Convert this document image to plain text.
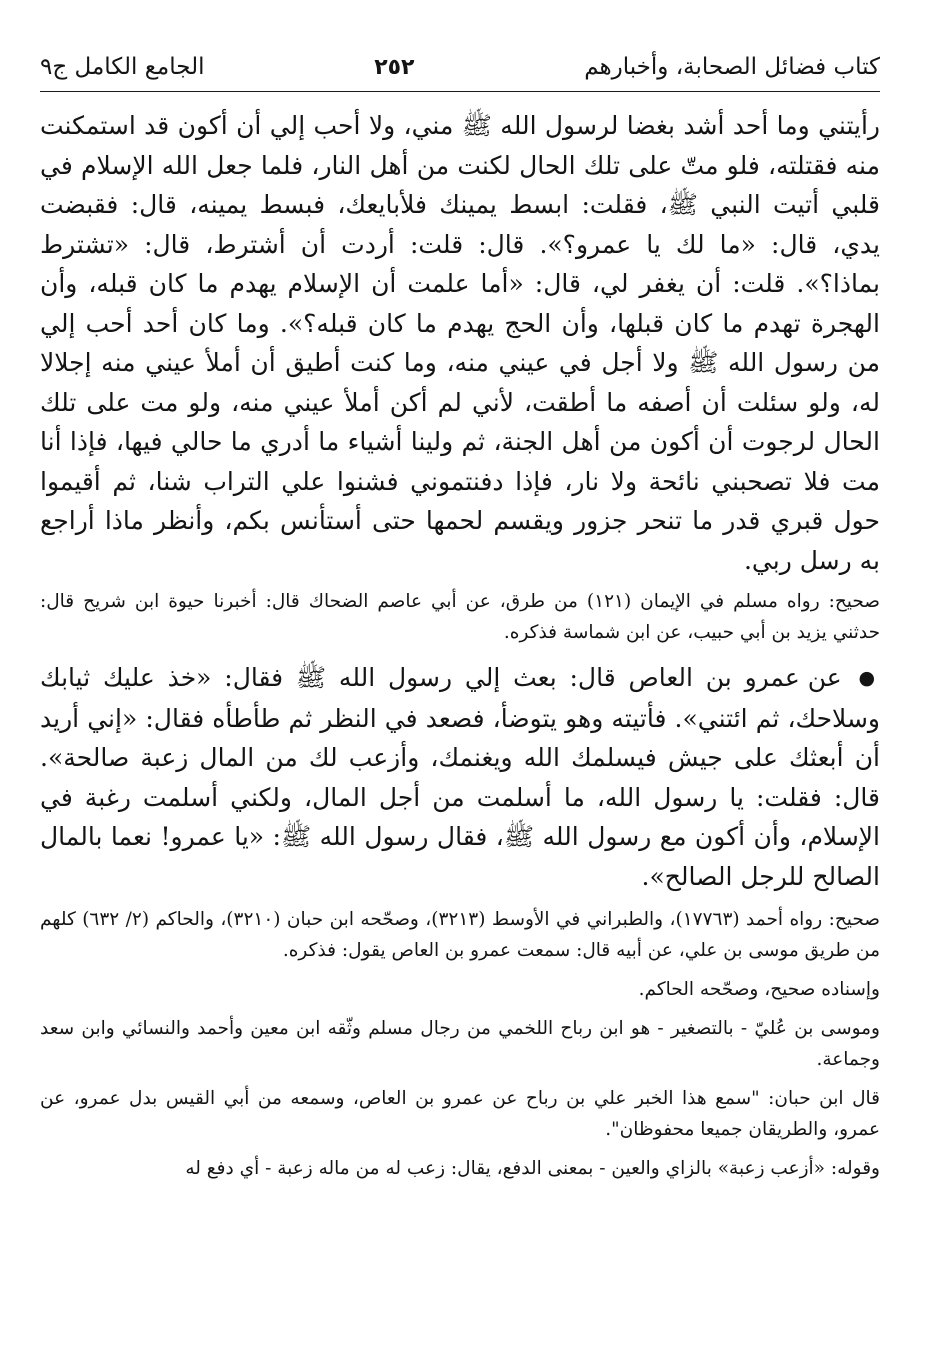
كتاب فضائل الصحابة، وأخبارهم
٢٥٢
الجامع الكامل ج٩

رأيتني وما أحد أشد بغضا لرسول الله ﷺ مني، ولا أحب إلي أن أكون قد استمكنت منه فقتلته، فلو متّ على تلك الحال لكنت من أهل النار، فلما جعل الله الإسلام في قلبي أتيت النبي ﷺ، فقلت: ابسط يمينك فلأبايعك، فبسط يمينه، قال: فقبضت يدي، قال: «ما لك يا عمرو؟». قال: قلت: أردت أن أشترط، قال: «تشترط بماذا؟». قلت: أن يغفر لي، قال: «أما علمت أن الإسلام يهدم ما كان قبله، وأن الهجرة تهدم ما كان قبلها، وأن الحج يهدم ما كان قبله؟». وما كان أحد أحب إلي من رسول الله ﷺ ولا أجل في عيني منه، وما كنت أطيق أن أملأ عيني منه إجلالا له، ولو سئلت أن أصفه ما أطقت، لأني لم أكن أملأ عيني منه، ولو مت على تلك الحال لرجوت أن أكون من أهل الجنة، ثم ولينا أشياء ما أدري ما حالي فيها، فإذا أنا مت فلا تصحبني نائحة ولا نار، فإذا دفنتموني فشنوا علي التراب شنا، ثم أقيموا حول قبري قدر ما تنحر جزور ويقسم لحمها حتى أستأنس بكم، وأنظر ماذا أراجع به رسل ربي.

صحيح: رواه مسلم في الإيمان (١٢١) من طرق، عن أبي عاصم الضحاك قال: أخبرنا حيوة ابن شريح قال: حدثني يزيد بن أبي حبيب، عن ابن شماسة فذكره.

● عن عمرو بن العاص قال: بعث إلي رسول الله ﷺ فقال: «خذ عليك ثيابك وسلاحك، ثم ائتني». فأتيته وهو يتوضأ، فصعد في النظر ثم طأطأه فقال: «إني أريد أن أبعثك على جيش فيسلمك الله ويغنمك، وأزعب لك من المال زعبة صالحة». قال: فقلت: يا رسول الله، ما أسلمت من أجل المال، ولكني أسلمت رغبة في الإسلام، وأن أكون مع رسول الله ﷺ، فقال رسول الله ﷺ: «يا عمرو! نعما بالمال الصالح للرجل الصالح».

صحيح: رواه أحمد (١٧٧٦٣)، والطبراني في الأوسط (٣٢١٣)، وصحّحه ابن حبان (٣٢١٠)، والحاكم (٢/ ٦٣٢) كلهم من طريق موسى بن علي، عن أبيه قال: سمعت عمرو بن العاص يقول: فذكره.

وإسناده صحيح، وصحّحه الحاكم.

وموسى بن عُليّ - بالتصغير - هو ابن رباح اللخمي من رجال مسلم وثّقه ابن معين وأحمد والنسائي وابن سعد وجماعة.

قال ابن حبان: "سمع هذا الخبر علي بن رباح عن عمرو بن العاص، وسمعه من أبي القيس بدل عمرو، عن عمرو، والطريقان جميعا محفوظان".

وقوله: «أزعب زعبة» بالزاي والعين - بمعنى الدفع، يقال: زعب له من ماله زعبة - أي دفع له
